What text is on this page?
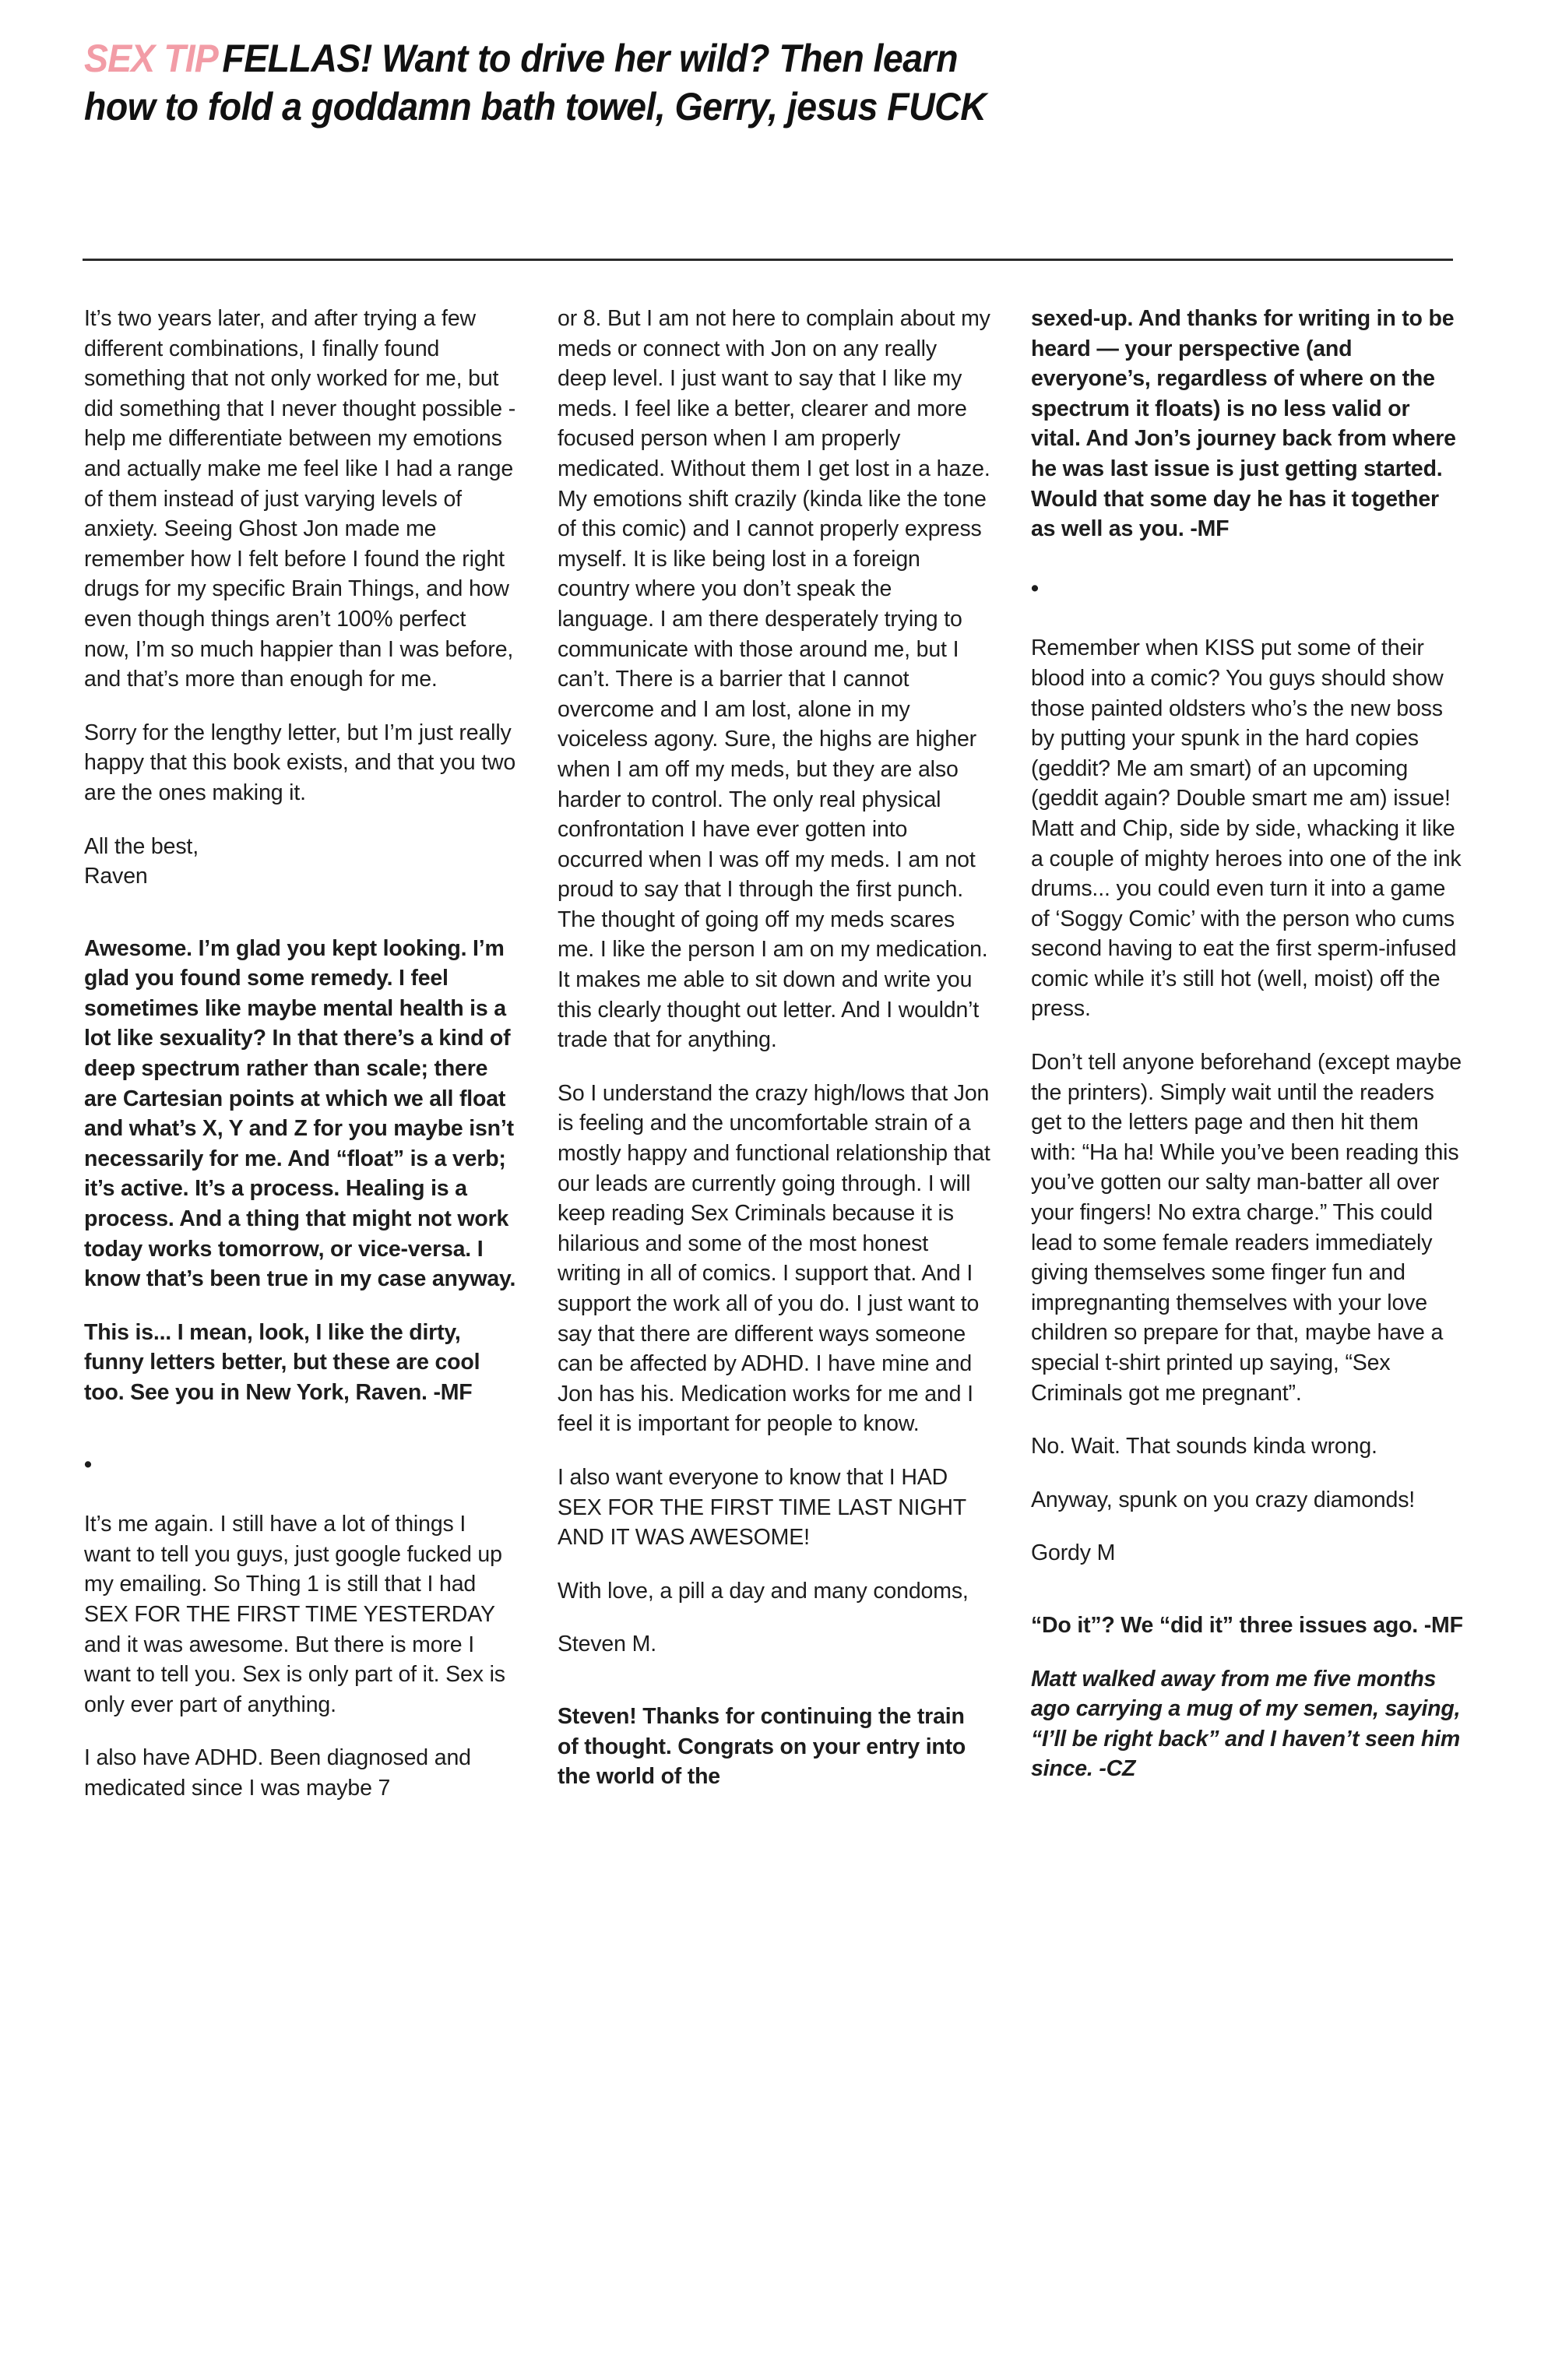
SEX TIP FELLAS! Want to drive her wild? Then learn
how to fold a goddamn bath towel, Gerry, jesus FUCK

It’s two years later, and after trying a few different combinations, I finally found something that not only worked for me, but did something that I never thought possible - help me differentiate between my emotions and actually make me feel like I had a range of them instead of just varying levels of anxiety. Seeing Ghost Jon made me remember how I felt before I found the right drugs for my specific Brain Things, and how even though things aren’t 100% perfect now, I’m so much happier than I was before, and that’s more than enough for me.

Sorry for the lengthy letter, but I’m just really happy that this book exists, and that you two are the ones making it.

All the best,

Raven

Awesome. I’m glad you kept looking. I’m glad you found some remedy. I feel sometimes like maybe mental health is a lot like sexuality? In that there’s a kind of deep spectrum rather than scale; there are Cartesian points at which we all float and what’s X, Y and Z for you maybe isn’t necessarily for me. And “float” is a verb; it’s active. It’s a process. Healing is a process. And a thing that might not work today works tomorrow, or vice-versa. I know that’s been true in my case anyway.

This is... I mean, look, I like the dirty, funny letters better, but these are cool too. See you in New York, Raven. -MF

•

It’s me again. I still have a lot of things I want to tell you guys, just google fucked up my emailing. So Thing 1 is still that I had SEX FOR THE FIRST TIME YESTERDAY and it was awesome. But there is more I want to tell you. Sex is only part of it. Sex is only ever part of anything.

I also have ADHD. Been diagnosed and medicated since I was maybe 7

or 8. But I am not here to complain about my meds or connect with Jon on any really deep level. I just want to say that I like my meds. I feel like a better, clearer and more focused person when I am properly medicated. Without them I get lost in a haze. My emotions shift crazily (kinda like the tone of this comic) and I cannot properly express myself. It is like being lost in a foreign country where you don’t speak the language. I am there desperately trying to communicate with those around me, but I can’t. There is a barrier that I cannot overcome and I am lost, alone in my voiceless agony. Sure, the highs are higher when I am off my meds, but they are also harder to control. The only real physical confrontation I have ever gotten into occurred when I was off my meds. I am not proud to say that I through the first punch. The thought of going off my meds scares me. I like the person I am on my medication. It makes me able to sit down and write you this clearly thought out letter. And I wouldn’t trade that for anything.

So I understand the crazy high/lows that Jon is feeling and the uncomfortable strain of a mostly happy and functional relationship that our leads are currently going through. I will keep reading Sex Criminals because it is hilarious and some of the most honest writing in all of comics. I support that. And I support the work all of you do. I just want to say that there are different ways someone can be affected by ADHD. I have mine and Jon has his. Medication works for me and I feel it is important for people to know.

I also want everyone to know that I HAD SEX FOR THE FIRST TIME LAST NIGHT AND IT WAS AWESOME!

With love, a pill a day and many condoms,

Steven M.

Steven! Thanks for continuing the train of thought. Congrats on your entry into the world of the

sexed-up. And thanks for writing in to be heard — your perspective (and everyone’s, regardless of where on the spectrum it floats) is no less valid or vital. And Jon’s journey back from where he was last issue is just getting started. Would that some day he has it together as well as you. -MF

•

Remember when KISS put some of their blood into a comic? You guys should show those painted oldsters who’s the new boss by putting your spunk in the hard copies (geddit? Me am smart) of an upcoming (geddit again? Double smart me am) issue! Matt and Chip, side by side, whacking it like a couple of mighty heroes into one of the ink drums... you could even turn it into a game of ‘Soggy Comic’ with the person who cums second having to eat the first sperm-infused comic while it’s still hot (well, moist) off the press.

Don’t tell anyone beforehand (except maybe the printers). Simply wait until the readers get to the letters page and then hit them with: “Ha ha! While you’ve been reading this you’ve gotten our salty man-batter all over your fingers! No extra charge.” This could lead to some female readers immediately giving themselves some finger fun and impregnanting themselves with your love children so prepare for that, maybe have a special t-shirt printed up saying, “Sex Criminals got me pregnant”.

No. Wait. That sounds kinda wrong.

Anyway, spunk on you crazy diamonds!

Gordy M

“Do it”? We “did it” three issues ago. -MF

Matt walked away from me five months ago carrying a mug of my semen, saying, “I’ll be right back” and I haven’t seen him since. -CZ
